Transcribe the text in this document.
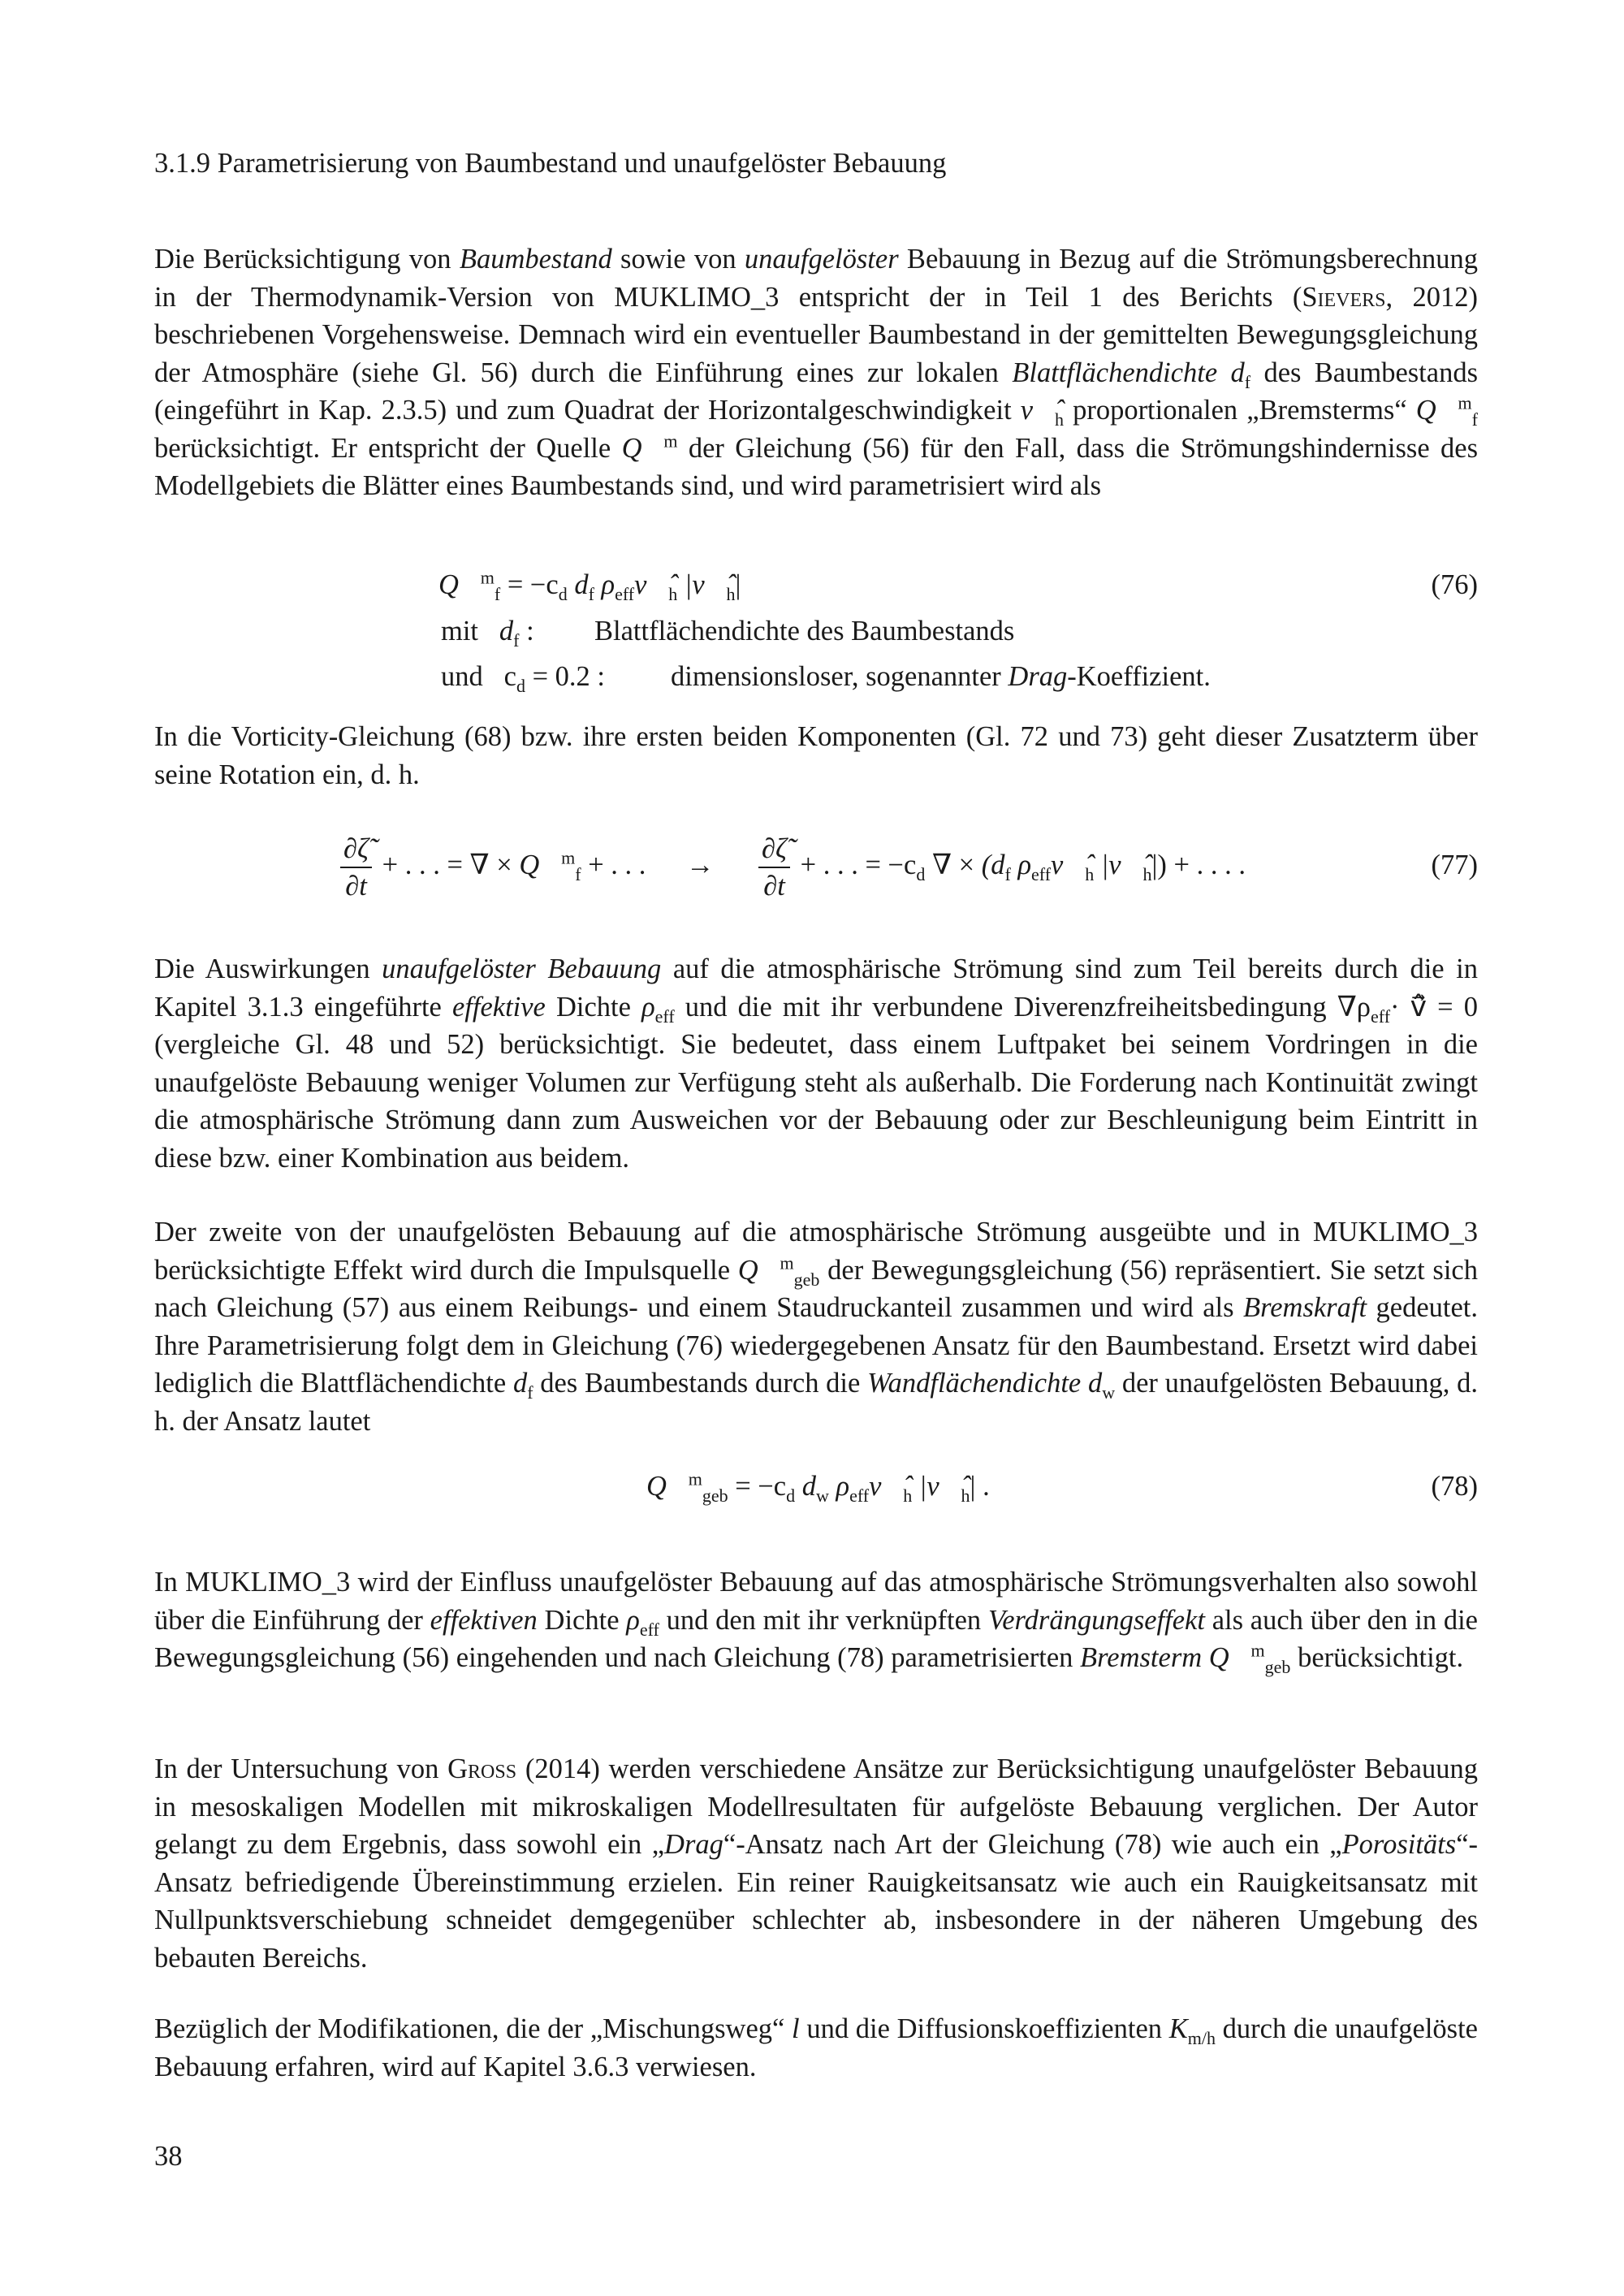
3.1.9 Parametrisierung von Baumbestand und unaufgelöster Bebauung

Die Berücksichtigung von Baumbestand sowie von unaufgelöster Bebauung in Bezug auf die Strömungsberechnung in der Thermodynamik-Version von MUKLIMO_3 entspricht der in Teil 1 des Berichts (Sievers, 2012) beschriebenen Vorgehensweise. Demnach wird ein eventueller Baumbestand in der gemittelten Bewegungsgleichung der Atmosphäre (siehe Gl. 56) durch die Einführung eines zur lokalen Blattflächendichte $d_f$ des Baumbestands (eingeführt in Kap. 2.3.5) und zum Quadrat der Horizontalgeschwindigkeit $v⃗̂_h$ proportionalen „Bremsterms“ Q⃗$^m_f$ berücksichtigt. Er entspricht der Quelle Q⃗$^m$ der Gleichung (56) für den Fall, dass die Strömungshindernisse des Modellgebiets die Blätter eines Baumbestands sind, und wird parametrisiert wird als

Q⃗$^m_f$ = $-c_d$ $d_f$ $\rho_{eff}v⃗̂_h$ $|v⃗̂_h|$	(76)
mit $d_f$ : Blattflächendichte des Baumbestands
und $c_d = 0.2$ : dimensionsloser, sogenannter Drag-Koeffizient.

In die Vorticity-Gleichung (68) bzw. ihre ersten beiden Komponenten (Gl. 72 und 73) geht dieser Zusatzterm über seine Rotation ein, d. h.

$\frac{\partial\zetã̃}{\partial t}$ + . . . = ∇ × Q⃗$^m_f$ + . . . → $\frac{\partial\zetã̃}{\partial t}$ + . . . = $-c_d$ ∇ × ($d_f$ $\rho_{eff}v⃗̂_h$ $|v⃗̂_h|$) + . . . .	(77)

Die Auswirkungen unaufgelöster Bebauung auf die atmosphärische Strömung sind zum Teil bereits durch die in Kapitel 3.1.3 eingeführte effektive Dichte $\rho_{eff}$ und die mit ihr verbundene Diverenzfreiheitsbedingung $\nabla\rho_{eff}\cdot$ v⃗̂ = 0 (vergleiche Gl. 48 und 52) berücksichtigt. Sie bedeutet, dass einem Luftpaket bei seinem Vordringen in die unaufgelöste Bebauung weniger Volumen zur Verfügung steht als außerhalb. Die Forderung nach Kontinuität zwingt die atmosphärische Strömung dann zum Ausweichen vor der Bebauung oder zur Beschleunigung beim Eintritt in diese bzw. einer Kombination aus beidem.

Der zweite von der unaufgelösten Bebauung auf die atmosphärische Strömung ausgeübte und in MUKLIMO_3 berücksichtigte Effekt wird durch die Impulsquelle Q⃗$^m_{geb}$ der Bewegungsgleichung (56) repräsentiert. Sie setzt sich nach Gleichung (57) aus einem Reibungs- und einem Staudruckanteil zusammen und wird als Bremskraft gedeutet. Ihre Parametrisierung folgt dem in Gleichung (76) wiedergegebenen Ansatz für den Baumbestand. Ersetzt wird dabei lediglich die Blattflächendichte $d_f$ des Baumbestands durch die Wandflächendichte $d_w$ der unaufgelösten Bebauung, d. h. der Ansatz lautet

Q⃗$^m_{geb}$ = $-c_d$ $d_w$ $\rho_{eff}v⃗̂_h$ $|v⃗̂_h|$ .	(78)

In MUKLIMO_3 wird der Einfluss unaufgelöster Bebauung auf das atmosphärische Strömungsverhalten also sowohl über die Einführung der effektiven Dichte $\rho_{eff}$ und den mit ihr verknüpften Verdrängungseffekt als auch über den in die Bewegungsgleichung (56) eingehenden und nach Gleichung (78) parametrisierten Bremsterm Q⃗$^m_{geb}$ berücksichtigt.

In der Untersuchung von Gross (2014) werden verschiedene Ansätze zur Berücksichtigung unaufgelöster Bebauung in mesoskaligen Modellen mit mikroskaligen Modellresultaten für aufgelöste Bebauung verglichen. Der Autor gelangt zu dem Ergebnis, dass sowohl ein „Drag“-Ansatz nach Art der Gleichung (78) wie auch ein „Porositäts“-Ansatz befriedigende Übereinstimmung erzielen. Ein reiner Rauigkeitsansatz wie auch ein Rauigkeitsansatz mit Nullpunktsverschiebung schneidet demgegenüber schlechter ab, insbesondere in der näheren Umgebung des bebauten Bereichs.

Bezüglich der Modifikationen, die der „Mischungsweg“ l und die Diffusionskoeffizienten $K_{m/h}$ durch die unaufgelöste Bebauung erfahren, wird auf Kapitel 3.6.3 verwiesen.

38
